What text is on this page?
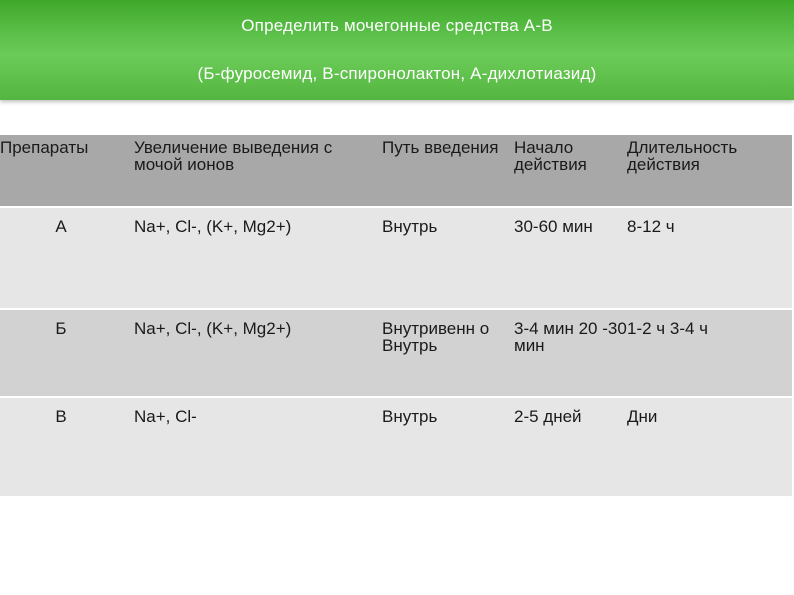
Определить мочегонные средства А-В
(Б-фуросемид, В-спиронолактон, А-дихлотиазид)
Препараты	Увеличение выведения с мочой ионов	Путь введения	Начало действия	Длительность действия
А	Na+, Cl-, (K+, Mg2+)	Внутрь	30-60 мин	8-12 ч
Б	Na+, Cl-, (K+, Mg2+)	Внутривенн о Внутрь	3-4 мин 20 -30 мин	1-2 ч 3-4 ч
В	Na+, Cl-	Внутрь	2-5 дней	Дни
